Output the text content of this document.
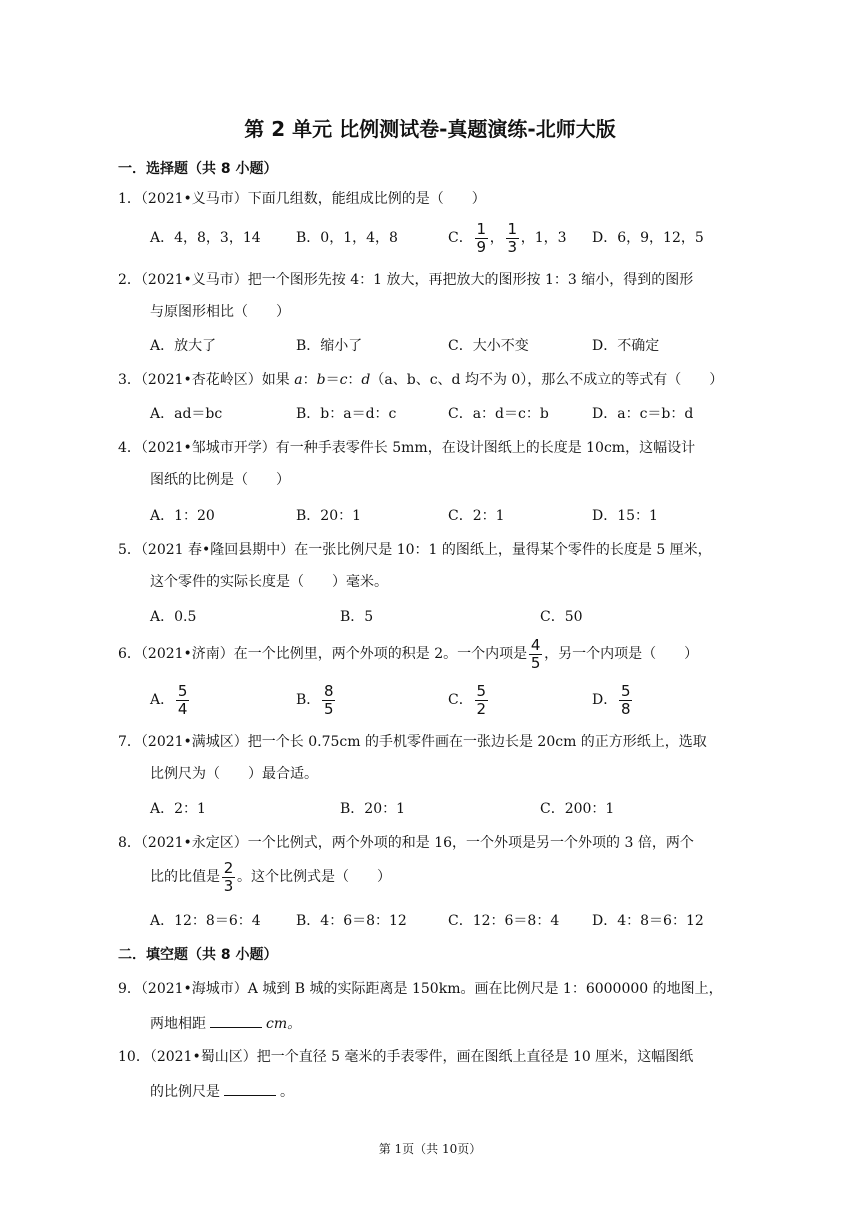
第 2 单元 比例测试卷-真题演练-北师大版
一．选择题（共 8 小题）
1．（2021•义马市）下面几组数，能组成比例的是（　　）
A．4，8，3，14	B．0，1，4，8	C． $\frac{1}{9}$ ， $\frac{1}{3}$ ，1，3 D．6，9，12，5
2．（2021•义马市）把一个图形先按 4：1 放大，再把放大的图形按 1：3 缩小，得到的图形
与原图形相比（　　）
A．放大了	B．缩小了	C．大小不变	D．不确定
3．（2021•杏花岭区）如果 a：b＝c：d（a、b、c、d 均不为 0），那么不成立的等式有（　　）
A．ad＝bc	B．b：a＝d：c	C．a：d＝c：b	D．a：c＝b：d
4．（2021•邹城市开学）有一种手表零件长 5mm，在设计图纸上的长度是 10cm，这幅设计
图纸的比例是（　　）
A．1：20	B．20：1	C．2：1	D．15：1
5．（2021 春•隆回县期中）在一张比例尺是 10：1 的图纸上，量得某个零件的长度是 5 厘米，
这个零件的实际长度是（　　）毫米。
A．0.5	B．5	C．50
6．（2021•济南）在一个比例里，两个外项的积是 2。一个内项是 $\frac{4}{5}$ ，另一个内项是（　　）
A． $\frac{5}{4}$	B． $\frac{8}{5}$	C． $\frac{5}{2}$	D． $\frac{5}{8}$
7．（2021•满城区）把一个长 0.75cm 的手机零件画在一张边长是 20cm 的正方形纸上，选取
比例尺为（　　）最合适。
A．2：1	B．20：1	C．200：1
8．（2021•永定区）一个比例式，两个外项的和是 16，一个外项是另一个外项的 3 倍，两个
比的比值是 $\frac{2}{3}$ 。这个比例式是（　　）
A．12：8＝6：4	B．4：6＝8：12	C．12：6＝8：4 D．4：8＝6：12
二．填空题（共 8 小题）
9．（2021•海城市）A 城到 B 城的实际距离是 150km。画在比例尺是 1：6000000 的地图上，
两地相距	cm。
10．（2021•蜀山区）把一个直径 5 毫米的手表零件，画在图纸上直径是 10 厘米，这幅图纸
的比例尺是	。
第 1页（共 10页）
